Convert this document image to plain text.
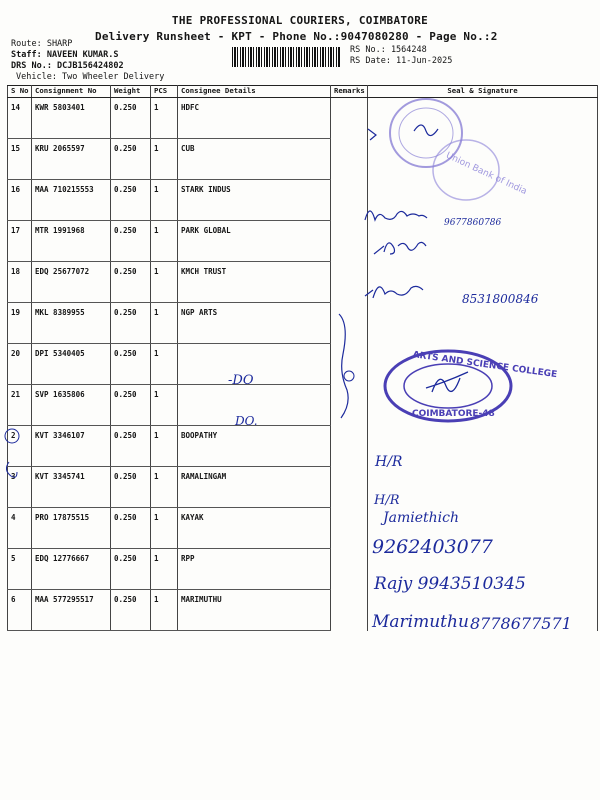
THE PROFESSIONAL COURIERS, COIMBATORE
Delivery Runsheet - KPT - Phone No.:9047080280 - Page No.:2
Route: SHARP
Staff: NAVEEN KUMAR.S
DRS No.: DCJB156424802
Vehicle: Two Wheeler Delivery
RS No.: 1564248
RS Date: 11-Jun-2025
S No	Consignment No	Weight	PCS	Consignee Details	Remarks	Seal & Signature
14	KWR 5803401	0.250	1	HDFC		
15	KRU 2065597	0.250	1	CUB		
16	MAA 710215553	0.250	1	STARK INDUS		
17	MTR 1991968	0.250	1	PARK GLOBAL		
18	EDQ 25677072	0.250	1	KMCH TRUST		
19	MKL 8389955	0.250	1	NGP ARTS		
20	DPI 5340405	0.250	1			
21	SVP 1635806	0.250	1			
2	KVT 3346107	0.250	1	BOOPATHY		
3	KVT 3345741	0.250	1	RAMALINGAM		
4	PRO 17875515	0.250	1	KAYAK		
5	EDQ 12776667	0.250	1	RPP		
6	MAA 577295517	0.250	1	MARIMUTHU		
Union Bank of India
9677860786
8531800846
-DO
DO.
ARTS AND SCIENCE COLLEGE
COIMBATORE-48
H/R
H/R
Jamiethich
9262403077
Rajy 9943510345
Marimuthu 8778677571
